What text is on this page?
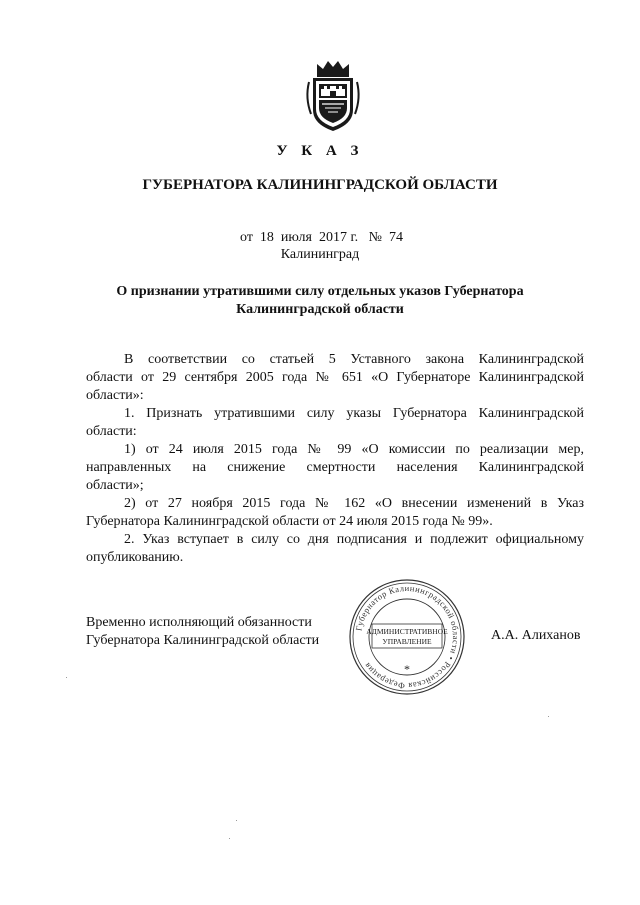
У К А З
ГУБЕРНАТОРА КАЛИНИНГРАДСКОЙ ОБЛАСТИ
от  18  июля  2017 г.   №  74
Калининград
О признании утратившими силу отдельных указов Губернатора
Калининградской области
В соответствии со статьей 5 Уставного закона Калининградской
области от 29 сентября 2005 года № 651 «О Губернаторе Калининградской
области»:
1. Признать утратившими силу указы Губернатора Калининградской
области:
1) от 24 июля 2015 года № 99 «О комиссии по реализации мер,
направленных на снижение смертности населения Калининградской
области»;
2) от 27 ноября 2015 года № 162 «О внесении изменений в Указ
Губернатора Калининградской области от 24 июля 2015 года № 99».
2. Указ вступает в силу со дня подписания и подлежит официальному
опубликованию.
Временно исполняющий обязанности
Губернатора Калининградской области	А.А. Алиханов
Губернатор Калининградской области • Российская Федерация
АДМИНИСТРАТИВНОЕ
УПРАВЛЕНИЕ
*
